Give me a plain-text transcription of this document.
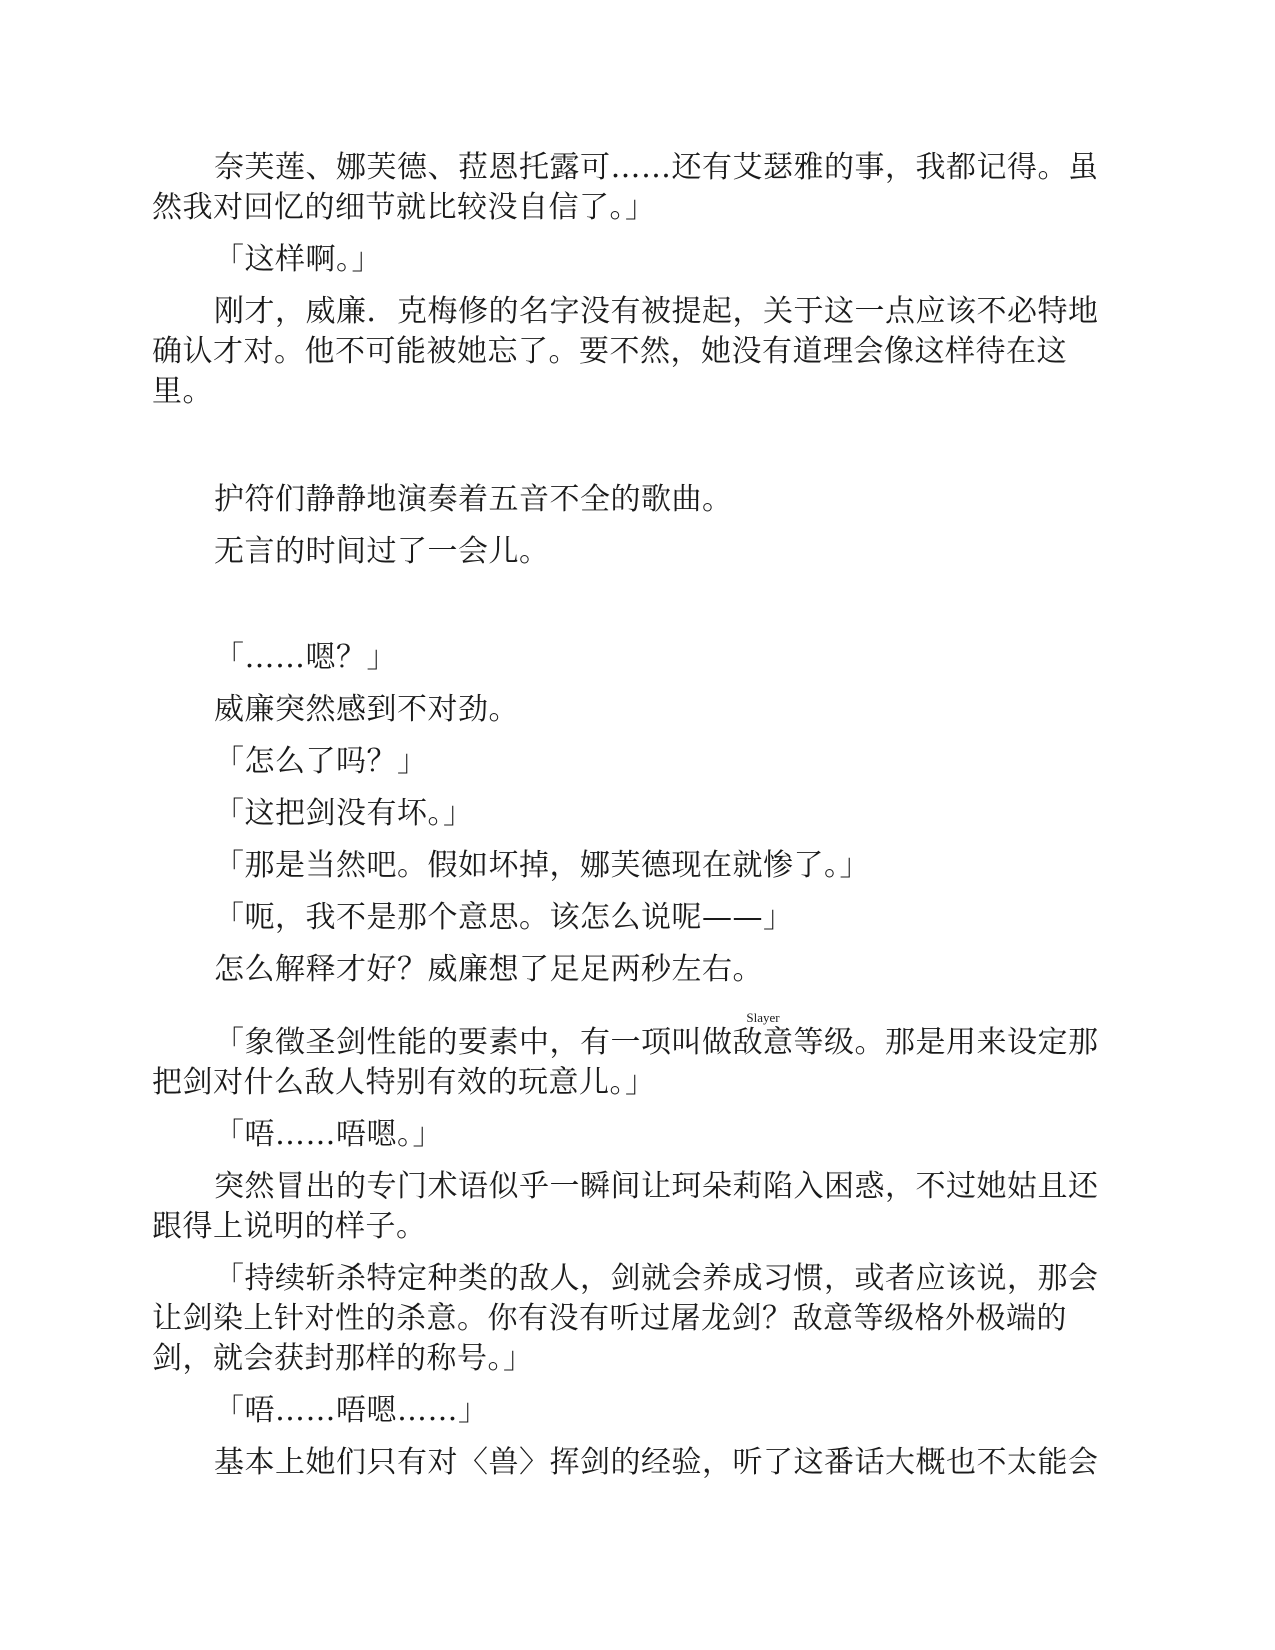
奈芙莲、娜芙德、菈恩托露可……还有艾瑟雅的事，我都记得。虽然我对回忆的细节就比较没自信了。」

「这样啊。」

刚才，威廉．克梅修的名字没有被提起，关于这一点应该不必特地确认才对。他不可能被她忘了。要不然，她没有道理会像这样待在这里。

护符们静静地演奏着五音不全的歌曲。

无言的时间过了一会儿。

「……嗯？」

威廉突然感到不对劲。

「怎么了吗？」

「这把剑没有坏。」

「那是当然吧。假如坏掉，娜芙德现在就惨了。」

「呃，我不是那个意思。该怎么说呢——」

怎么解释才好？威廉想了足足两秒左右。

「象徵圣剑性能的要素中，有一项叫做敌意Slayer等级。那是用来设定那把剑对什么敌人特别有效的玩意儿。」

「唔……唔嗯。」

突然冒出的专门术语似乎一瞬间让珂朵莉陷入困惑，不过她姑且还跟得上说明的样子。

「持续斩杀特定种类的敌人，剑就会养成习惯，或者应该说，那会让剑染上针对性的杀意。你有没有听过屠龙剑？敌意等级格外极端的剑，就会获封那样的称号。」

「唔……唔嗯……」

基本上她们只有对〈兽〉挥剑的经验，听了这番话大概也不太能会
